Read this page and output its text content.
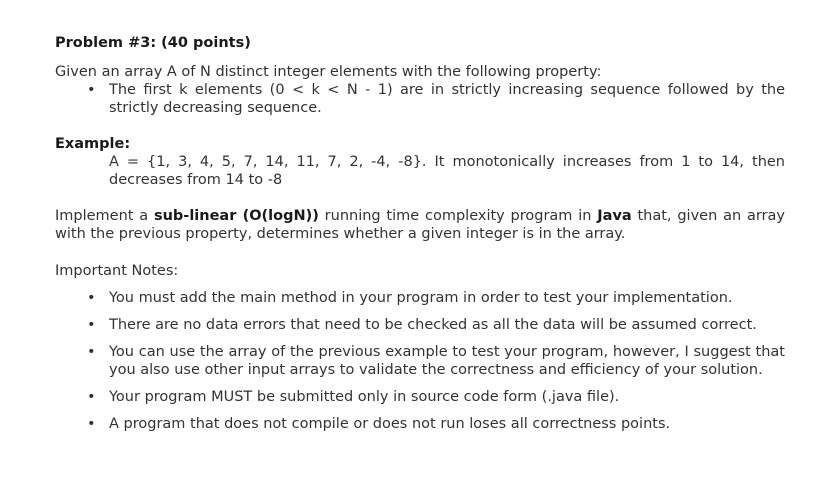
Problem #3: (40 points)
Given an array A of N distinct integer elements with the following property:
• The first k elements (0 < k < N - 1) are in strictly increasing sequence followed by the strictly decreasing sequence.
Example:
A = {1, 3, 4, 5, 7, 14, 11, 7, 2, -4, -8}. It monotonically increases from 1 to 14, then decreases from 14 to -8
Implement a sub-linear (O(logN)) running time complexity program in Java that, given an array with the previous property, determines whether a given integer is in the array.
Important Notes:
• You must add the main method in your program in order to test your implementation.
• There are no data errors that need to be checked as all the data will be assumed correct.
• You can use the array of the previous example to test your program, however, I suggest that you also use other input arrays to validate the correctness and efficiency of your solution.
• Your program MUST be submitted only in source code form (.java file).
• A program that does not compile or does not run loses all correctness points.
